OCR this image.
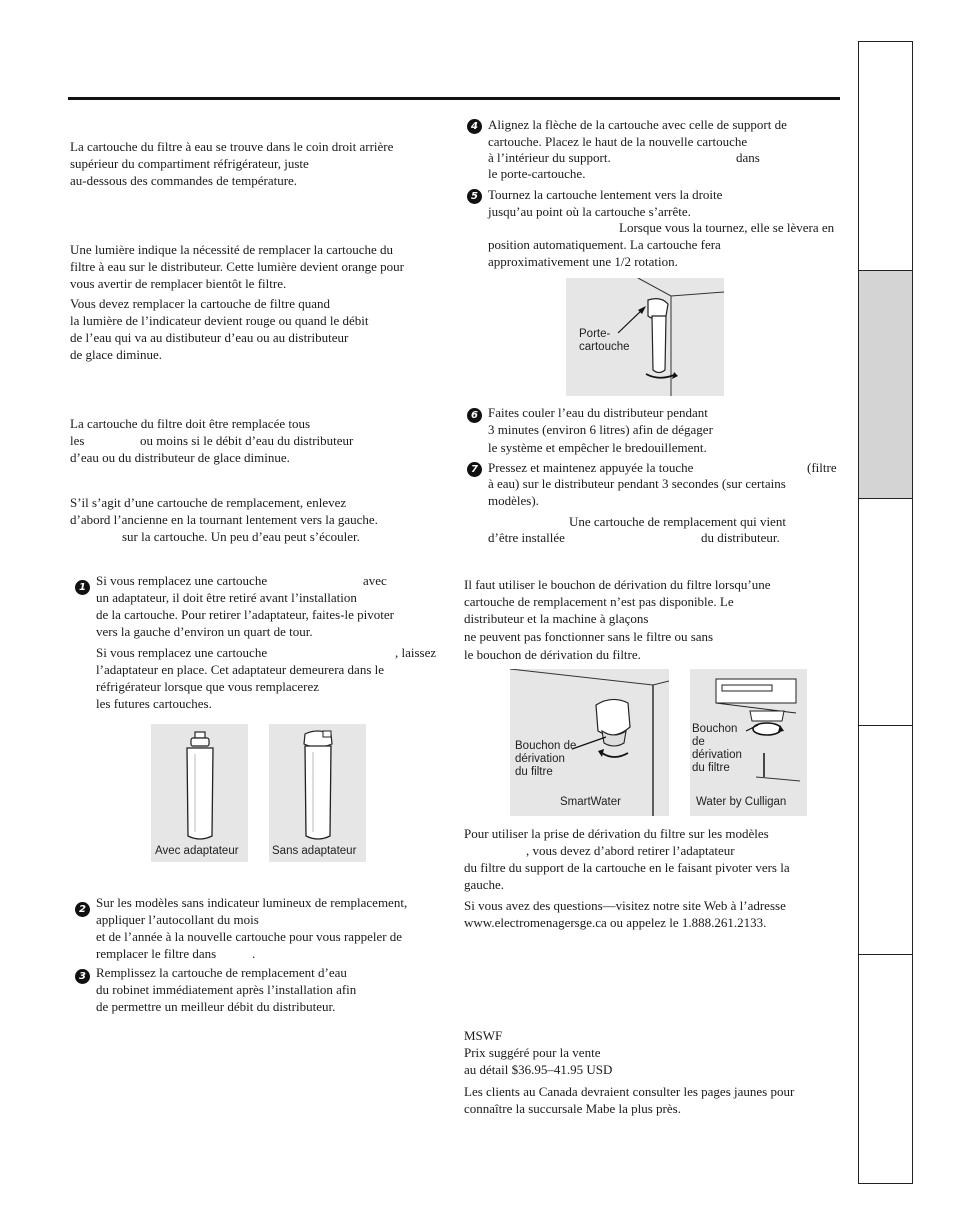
La cartouche du filtre à eau se trouve dans le coin droit arrière
supérieur du compartiment réfrigérateur, juste
au-dessous des commandes de température.
Une lumière indique la nécessité de remplacer la cartouche du
filtre à eau sur le distributeur. Cette lumière devient orange pour
vous avertir de remplacer bientôt le filtre.
Vous devez remplacer la cartouche de filtre quand
la lumière de l’indicateur devient rouge ou quand le débit
de l’eau qui va au distibuteur d’eau ou au distributeur
de glace diminue.
La cartouche du filtre doit être remplacée tous
les	ou moins si le débit d’eau du distributeur
d’eau ou du distributeur de glace diminue.
S’il s’agit d’une cartouche de remplacement, enlevez
d’abord l’ancienne en la tournant lentement vers la gauche.
sur la cartouche. Un peu d’eau peut s’écouler.
1 Si vous remplacez une cartouche	avec
un adaptateur, il doit être retiré avant l’installation
de la cartouche. Pour retirer l’adaptateur, faites-le pivoter
vers la gauche d’environ un quart de tour.
Si vous remplacez une cartouche	, laissez
l’adaptateur en place. Cet adaptateur demeurera dans le
réfrigérateur lorsque que vous remplacerez
les futures cartouches.
Avec adaptateur	Sans adaptateur
2 Sur les modèles sans indicateur lumineux de remplacement,
appliquer l’autocollant du mois
et de l’année à la nouvelle cartouche pour vous rappeler de
remplacer le filtre dans	.
3 Remplissez la cartouche de remplacement d’eau
du robinet immédiatement après l’installation afin
de permettre un meilleur débit du distributeur.
4 Alignez la flèche de la cartouche avec celle de support de
cartouche. Placez le haut de la nouvelle cartouche
à l’intérieur du support.	dans
le porte-cartouche.
5 Tournez la cartouche lentement vers la droite
jusqu’au point où la cartouche s’arrête.
Lorsque vous la tournez, elle se lèvera en
position automatiquement. La cartouche fera
approximativement une 1/2 rotation.
Porte-
cartouche
6 Faites couler l’eau du distributeur pendant
3 minutes (environ 6 litres) afin de dégager
le système et empêcher le bredouillement.
7 Pressez et maintenez appuyée la touche	(filtre
à eau) sur le distributeur pendant 3 secondes (sur certains
modèles).
Une cartouche de remplacement qui vient
d’être installée	du distributeur.
Il faut utiliser le bouchon de dérivation du filtre lorsqu’une
cartouche de remplacement n’est pas disponible. Le
distributeur et la machine à glaçons
ne peuvent pas fonctionner sans le filtre ou sans
le bouchon de dérivation du filtre.
Bouchon de
dérivation
du filtre
SmartWater
Bouchon
de
dérivation
du filtre
Water by Culligan
Pour utiliser la prise de dérivation du filtre sur les modèles
, vous devez d’abord retirer l’adaptateur
du filtre du support de la cartouche en le faisant pivoter vers la
gauche.
Si vous avez des questions—visitez notre site Web à l’adresse
www.electromenagersge.ca ou appelez le 1.888.261.2133.
MSWF
Prix suggéré pour la vente
au détail $36.95–41.95 USD
Les clients au Canada devraient consulter les pages jaunes pour
connaître la succursale Mabe la plus près.
